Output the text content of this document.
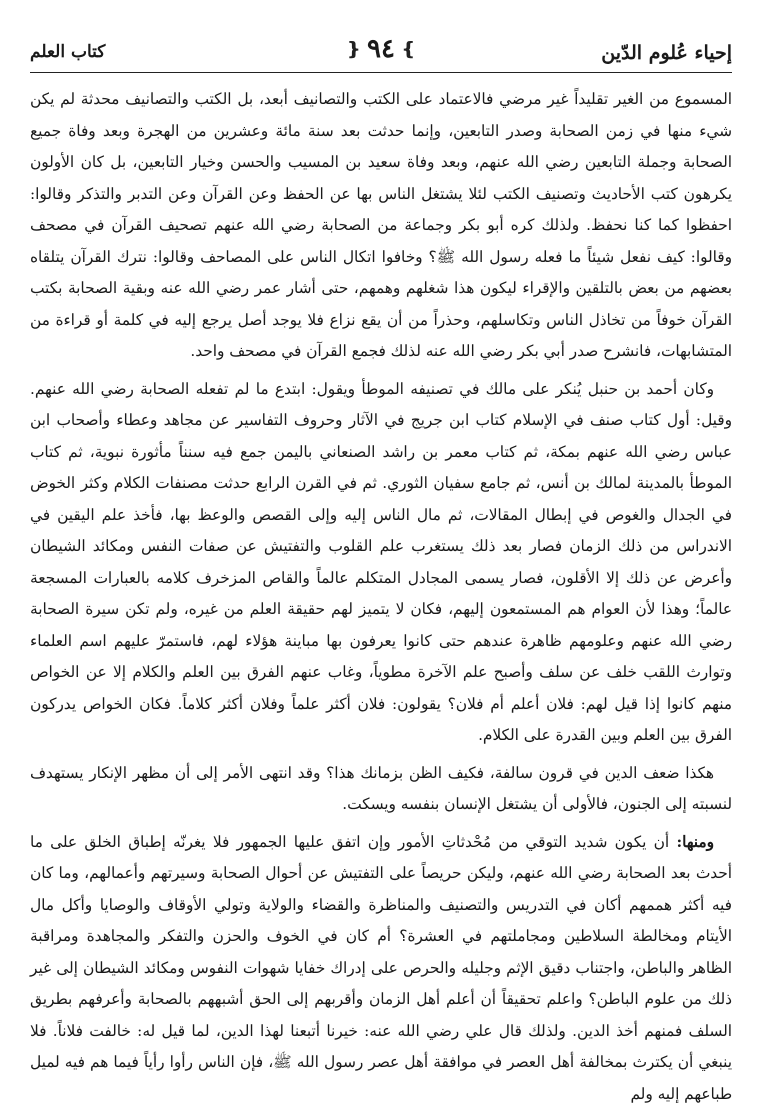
إحياء عُلوم الدّين
❵
٩٤
❴
كتاب العلم

المسموع من الغير تقليداً غير مرضي فالاعتماد على الكتب والتصانيف أبعد، بل الكتب والتصانيف محدثة لم يكن شيء منها في زمن الصحابة وصدر التابعين، وإنما حدثت بعد سنة مائة وعشرين من الهجرة وبعد وفاة جميع الصحابة وجملة التابعين رضي الله عنهم، وبعد وفاة سعيد بن المسيب والحسن وخيار التابعين، بل كان الأولون يكرهون كتب الأحاديث وتصنيف الكتب لئلا يشتغل الناس بها عن الحفظ وعن القرآن وعن التدبر والتذكر وقالوا: احفظوا كما كنا نحفظ. ولذلك كره أبو بكر وجماعة من الصحابة رضي الله عنهم تصحيف القرآن في مصحف وقالوا: كيف نفعل شيئاً ما فعله رسول الله ﷺ؟ وخافوا اتكال الناس على المصاحف وقالوا: نترك القرآن يتلقاه بعضهم من بعض بالتلقين والإقراء ليكون هذا شغلهم وهمهم، حتى أشار عمر رضي الله عنه وبقية الصحابة بكتب القرآن خوفاً من تخاذل الناس وتكاسلهم، وحذراً من أن يقع نزاع فلا يوجد أصل يرجع إليه في كلمة أو قراءة من المتشابهات، فانشرح صدر أبي بكر رضي الله عنه لذلك فجمع القرآن في مصحف واحد.

وكان أحمد بن حنبل يُنكر على مالك في تصنيفه الموطأ ويقول: ابتدع ما لم تفعله الصحابة رضي الله عنهم. وقيل: أول كتاب صنف في الإسلام كتاب ابن جريج في الآثار وحروف التفاسير عن مجاهد وعطاء وأصحاب ابن عباس رضي الله عنهم بمكة، ثم كتاب معمر بن راشد الصنعاني باليمن جمع فيه سنناً مأثورة نبوية، ثم كتاب الموطأ بالمدينة لمالك بن أنس، ثم جامع سفيان الثوري. ثم في القرن الرابع حدثت مصنفات الكلام وكثر الخوض في الجدال والغوص في إبطال المقالات، ثم مال الناس إليه وإلى القصص والوعظ بها، فأخذ علم اليقين في الاندراس من ذلك الزمان فصار بعد ذلك يستغرب علم القلوب والتفتيش عن صفات النفس ومكائد الشيطان وأعرض عن ذلك إلا الأقلون، فصار يسمى المجادل المتكلم عالماً والقاص المزخرف كلامه بالعبارات المسجعة عالماً؛ وهذا لأن العوام هم المستمعون إليهم، فكان لا يتميز لهم حقيقة العلم من غيره، ولم تكن سيرة الصحابة رضي الله عنهم وعلومهم ظاهرة عندهم حتى كانوا يعرفون بها مباينة هؤلاء لهم، فاستمرّ عليهم اسم العلماء وتوارث اللقب خلف عن سلف وأصبح علم الآخرة مطوياً، وغاب عنهم الفرق بين العلم والكلام إلا عن الخواص منهم كانوا إذا قيل لهم: فلان أعلم أم فلان؟ يقولون: فلان أكثر علماً وفلان أكثر كلاماً. فكان الخواص يدركون الفرق بين العلم وبين القدرة على الكلام.

هكذا ضعف الدين في قرون سالفة، فكيف الظن بزمانك هذا؟ وقد انتهى الأمر إلى أن مظهر الإنكار يستهدف لنسبته إلى الجنون، فالأولى أن يشتغل الإنسان بنفسه ويسكت.

ومنها: أن يكون شديد التوقي من مُحْدثاتِ الأمور وإن اتفق عليها الجمهور فلا يغرنّه إطباق الخلق على ما أحدث بعد الصحابة رضي الله عنهم، وليكن حريصاً على التفتيش عن أحوال الصحابة وسيرتهم وأعمالهم، وما كان فيه أكثر هممهم أكان في التدريس والتصنيف والمناظرة والقضاء والولاية وتولي الأوقاف والوصايا وأكل مال الأيتام ومخالطة السلاطين ومجاملتهم في العشرة؟ أم كان في الخوف والحزن والتفكر والمجاهدة ومراقبة الظاهر والباطن، واجتناب دقيق الإثم وجليله والحرص على إدراك خفايا شهوات النفوس ومكائد الشيطان إلى غير ذلك من علوم الباطن؟ واعلم تحقيقاً أن أعلم أهل الزمان وأقربهم إلى الحق أشبههم بالصحابة وأعرفهم بطريق السلف فمنهم أخذ الدين. ولذلك قال علي رضي الله عنه: خيرنا أتبعنا لهذا الدين، لما قيل له: خالفت فلاناً. فلا ينبغي أن يكترث بمخالفة أهل العصر في موافقة أهل عصر رسول الله ﷺ، فإن الناس رأوا رأياً فيما هم فيه لميل طباعهم إليه ولم
